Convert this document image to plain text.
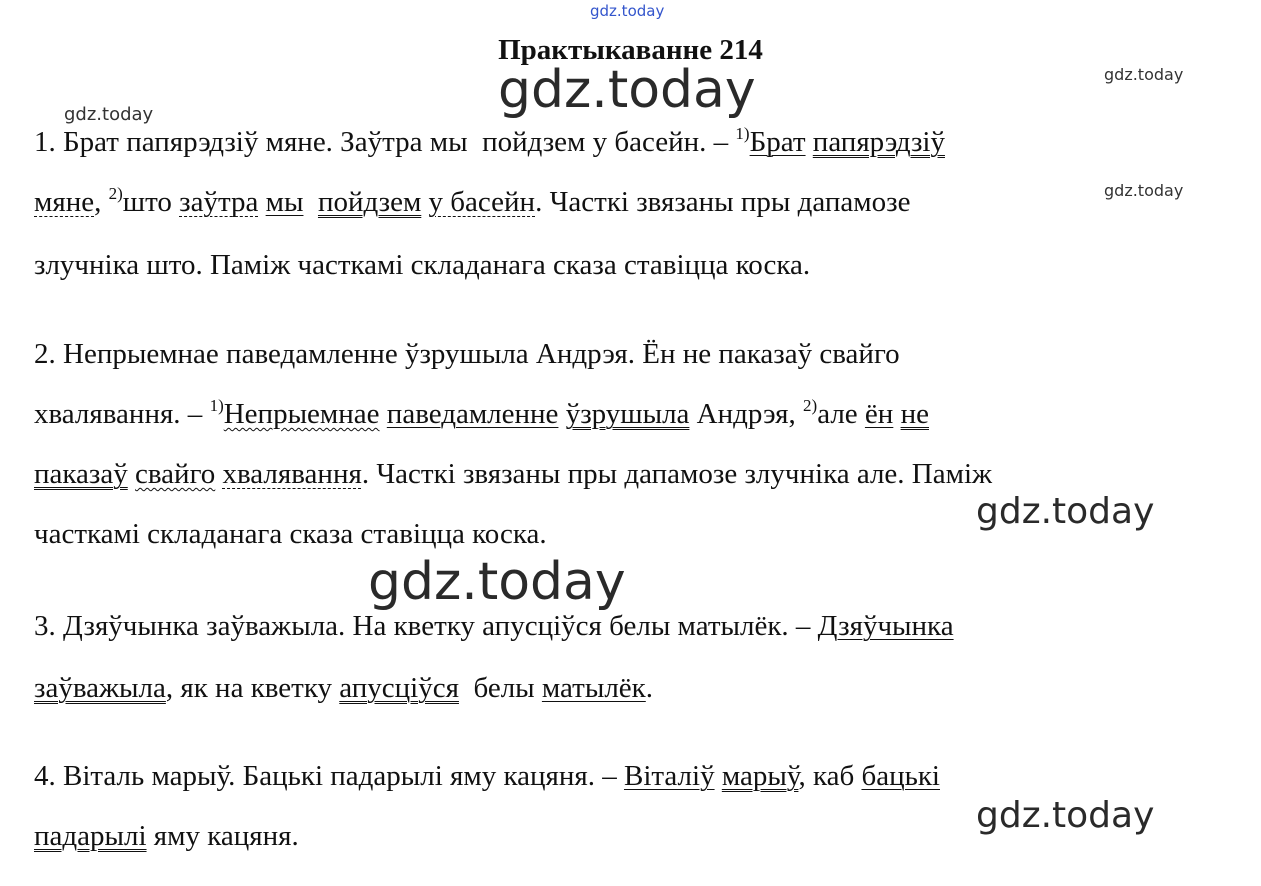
gdz.today
gdz.today
gdz.today
gdz.today
gdz.today
gdz.today
gdz.today
gdz.today
Практыкаванне 214
1. Брат папярэдзіў мяне. Заўтра мы  пойдзем у басейн. – $^{1)}$Брат папярэдзіў
мяне, $^{2)}$што заўтра мы пойдзем у басейн. Часткі звязаны пры дапамозе
злучніка што. Паміж часткамі складанага сказа ставіцца коска.
2. Непрыемнае паведамленне ўзрушыла Андрэя. Ён не паказаў свайго
хвалявання. – $^{1)}$Непрыемнае паведамленне ўзрушыла Андрэя, $^{2)}$але ён не
паказаў свайго хвалявання. Часткі звязаны пры дапамозе злучніка але. Паміж
часткамі складанага сказа ставіцца коска.
3. Дзяўчынка заўважыла. На кветку апусціўся белы матылёк. – Дзяўчынка
заўважыла, як на кветку апусціўся  белы матылёк.
4. Віталь марыў. Бацькі падарылі яму кацяня. – Віталіў марыў, каб бацькі
падарылі яму кацяня.
